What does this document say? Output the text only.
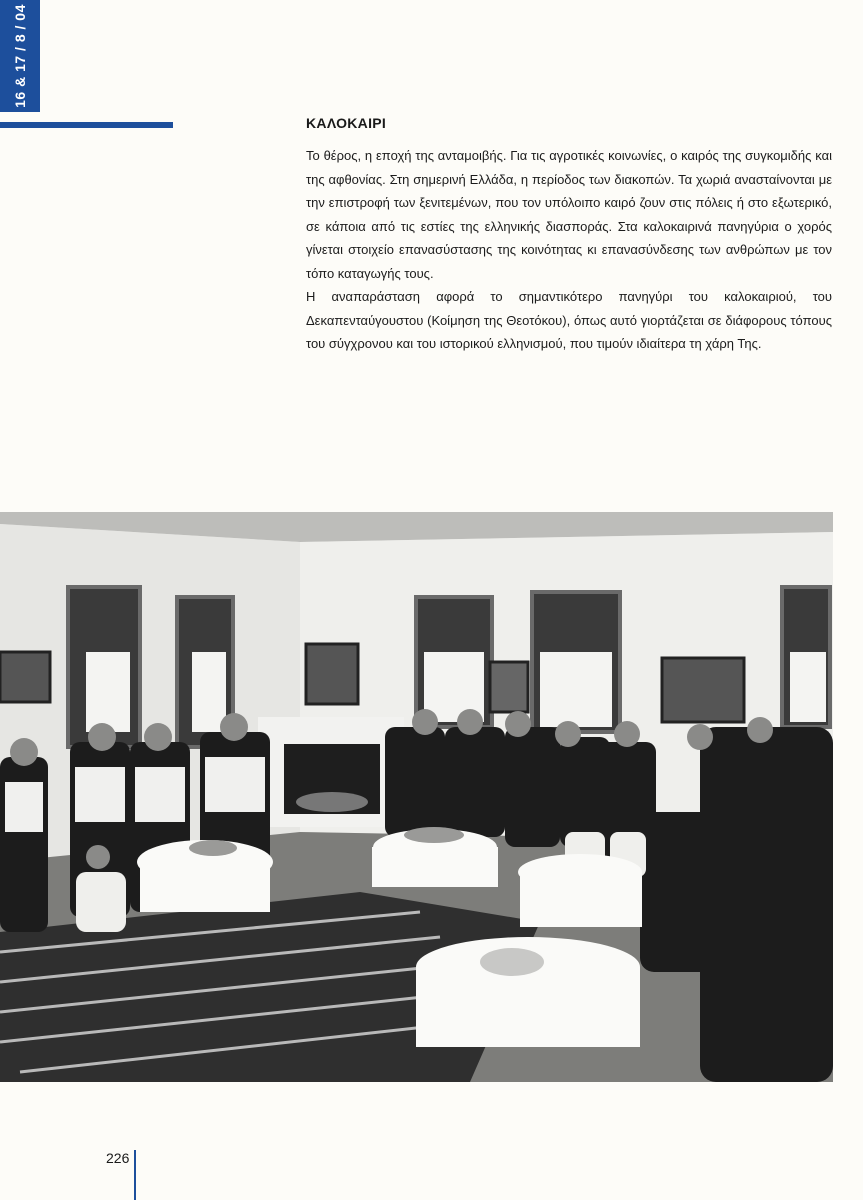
16 & 17 / 8 / 04
ΚΑΛΟΚΑΙΡΙ

Το θέρος, η εποχή της ανταμοιβής. Για τις αγροτικές κοινωνίες, ο καιρός της συγκομιδής και της αφθονίας. Στη σημερινή Ελλάδα, η περίοδος των διακοπών. Τα χωριά ανασταίνονται με την επιστροφή των ξενιτεμένων, που τον υπόλοιπο καιρό ζουν στις πόλεις ή στο εξωτερικό, σε κάποια από τις εστίες της ελληνικής διασποράς. Στα καλοκαιρινά πανηγύρια ο χορός γίνεται στοιχείο επανασύστασης της κοινότητας κι επανασύνδεσης των ανθρώπων με τον τόπο καταγωγής τους.

Η αναπαράσταση αφορά το σημαντικότερο πανηγύρι του καλοκαιριού, του Δεκαπενταύγουστου (Κοίμηση της Θεοτόκου), όπως αυτό γιορτάζεται σε διάφορους τόπους του σύγχρονου και του ιστορικού ελληνισμού, που τιμούν ιδιαίτερα τη χάρη Της.

226
